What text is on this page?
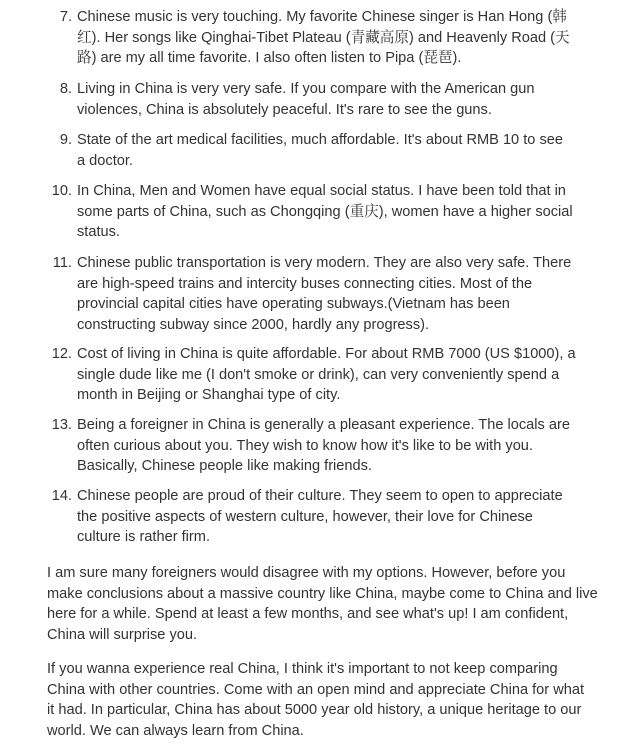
7. Chinese music is very touching. My favorite Chinese singer is Han Hong (韩
红). Her songs like Qinghai-Tibet Plateau (青藏高原) and Heavenly Road (天
路) are my all time favorite. I also often listen to Pipa (琵琶).
8. Living in China is very very safe. If you compare with the American gun
violences, China is absolutely peaceful. It's rare to see the guns.
9. State of the art medical facilities, much affordable. It's about RMB 10 to see
a doctor.
10. In China, Men and Women have equal social status. I have been told that in
some parts of China, such as Chongqing (重庆), women have a higher social
status.
11. Chinese public transportation is very modern. They are also very safe. There
are high-speed trains and intercity buses connecting cities. Most of the
provincial capital cities have operating subways.(Vietnam has been
constructing subway since 2000, hardly any progress).
12. Cost of living in China is quite affordable. For about RMB 7000 (US $1000), a
single dude like me (I don't smoke or drink), can very conveniently spend a
month in Beijing or Shanghai type of city.
13. Being a foreigner in China is generally a pleasant experience. The locals are
often curious about you. They wish to know how it's like to be with you.
Basically, Chinese people like making friends.
14. Chinese people are proud of their culture. They seem to open to appreciate
the positive aspects of western culture, however, their love for Chinese
culture is rather firm.
I am sure many foreigners would disagree with my options. However, before you
make conclusions about a massive country like China, maybe come to China and live
here for a while. Spend at least a few months, and see what's up! I am confident,
China will surprise you.
If you wanna experience real China, I think it's important to not keep comparing
China with other countries. Come with an open mind and appreciate China for what
it had. In particular, China has about 5000 year old history, a unique heritage to our
world. We can always learn from China.
